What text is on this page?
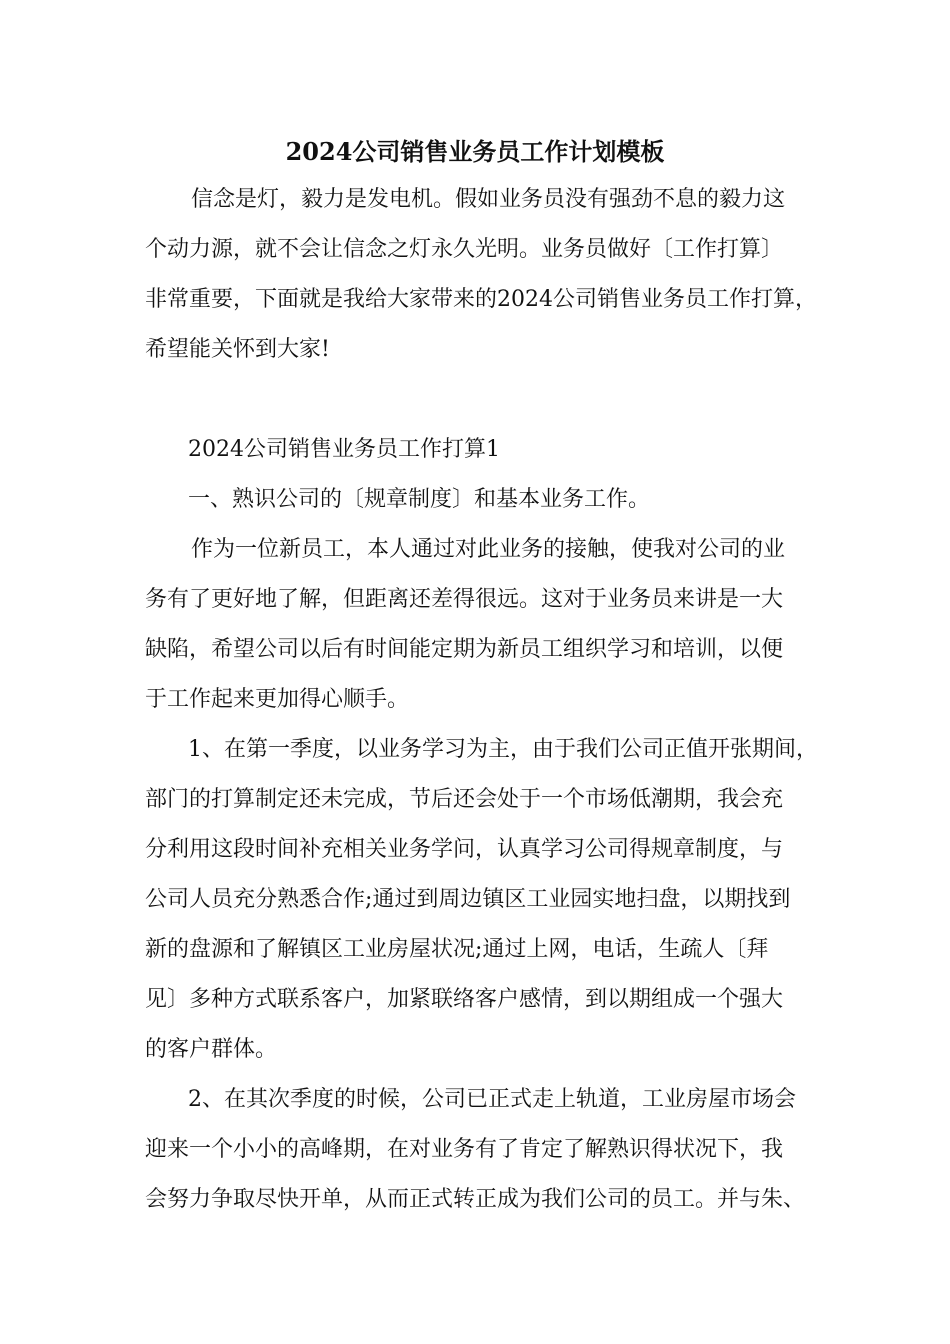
2024公司销售业务员工作计划模板
信念是灯，毅力是发电机。假如业务员没有强劲不息的毅力这
个动力源，就不会让信念之灯永久光明。业务员做好〔工作打算〕
非常重要，下面就是我给大家带来的2024公司销售业务员工作打算，
希望能关怀到大家!
2024公司销售业务员工作打算1
一、熟识公司的〔规章制度〕和基本业务工作。
作为一位新员工，本人通过对此业务的接触，使我对公司的业
务有了更好地了解，但距离还差得很远。这对于业务员来讲是一大
缺陷，希望公司以后有时间能定期为新员工组织学习和培训，以便
于工作起来更加得心顺手。
1、在第一季度，以业务学习为主，由于我们公司正值开张期间，
部门的打算制定还未完成，节后还会处于一个市场低潮期，我会充
分利用这段时间补充相关业务学问，认真学习公司得规章制度，与
公司人员充分熟悉合作;通过到周边镇区工业园实地扫盘，以期找到
新的盘源和了解镇区工业房屋状况;通过上网，电话，生疏人〔拜
见〕多种方式联系客户，加紧联络客户感情，到以期组成一个强大
的客户群体。
2、在其次季度的时候，公司已正式走上轨道，工业房屋市场会
迎来一个小小的高峰期，在对业务有了肯定了解熟识得状况下，我
会努力争取尽快开单，从而正式转正成为我们公司的员工。并与朱、
